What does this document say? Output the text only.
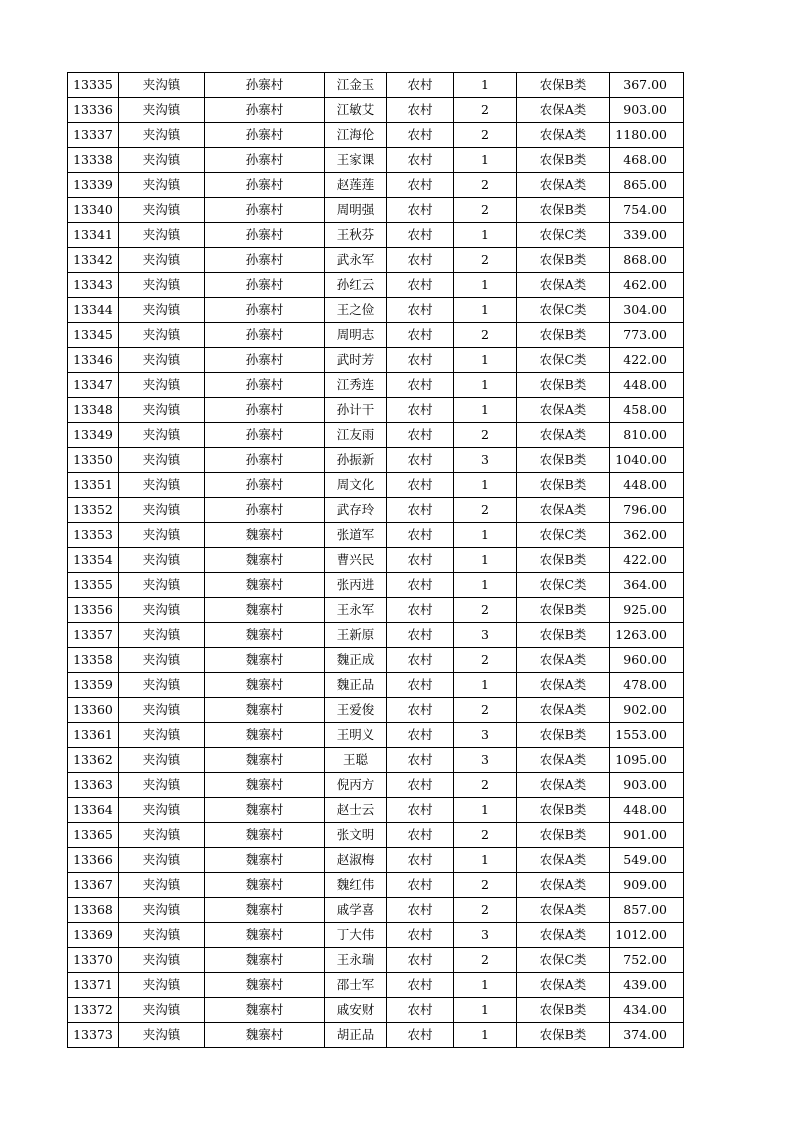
13335	夹沟镇	孙寨村	江金玉	农村	1	农保B类	367.00
13336	夹沟镇	孙寨村	江敏艾	农村	2	农保A类	903.00
13337	夹沟镇	孙寨村	江海伦	农村	2	农保A类	1180.00
13338	夹沟镇	孙寨村	王家课	农村	1	农保B类	468.00
13339	夹沟镇	孙寨村	赵莲莲	农村	2	农保A类	865.00
13340	夹沟镇	孙寨村	周明强	农村	2	农保B类	754.00
13341	夹沟镇	孙寨村	王秋芬	农村	1	农保C类	339.00
13342	夹沟镇	孙寨村	武永军	农村	2	农保B类	868.00
13343	夹沟镇	孙寨村	孙红云	农村	1	农保A类	462.00
13344	夹沟镇	孙寨村	王之俭	农村	1	农保C类	304.00
13345	夹沟镇	孙寨村	周明志	农村	2	农保B类	773.00
13346	夹沟镇	孙寨村	武时芳	农村	1	农保C类	422.00
13347	夹沟镇	孙寨村	江秀连	农村	1	农保B类	448.00
13348	夹沟镇	孙寨村	孙计干	农村	1	农保A类	458.00
13349	夹沟镇	孙寨村	江友雨	农村	2	农保A类	810.00
13350	夹沟镇	孙寨村	孙振新	农村	3	农保B类	1040.00
13351	夹沟镇	孙寨村	周文化	农村	1	农保B类	448.00
13352	夹沟镇	孙寨村	武存玲	农村	2	农保A类	796.00
13353	夹沟镇	魏寨村	张道军	农村	1	农保C类	362.00
13354	夹沟镇	魏寨村	曹兴民	农村	1	农保B类	422.00
13355	夹沟镇	魏寨村	张丙进	农村	1	农保C类	364.00
13356	夹沟镇	魏寨村	王永军	农村	2	农保B类	925.00
13357	夹沟镇	魏寨村	王新原	农村	3	农保B类	1263.00
13358	夹沟镇	魏寨村	魏正成	农村	2	农保A类	960.00
13359	夹沟镇	魏寨村	魏正品	农村	1	农保A类	478.00
13360	夹沟镇	魏寨村	王爱俊	农村	2	农保A类	902.00
13361	夹沟镇	魏寨村	王明义	农村	3	农保B类	1553.00
13362	夹沟镇	魏寨村	王聪	农村	3	农保A类	1095.00
13363	夹沟镇	魏寨村	倪丙方	农村	2	农保A类	903.00
13364	夹沟镇	魏寨村	赵士云	农村	1	农保B类	448.00
13365	夹沟镇	魏寨村	张文明	农村	2	农保B类	901.00
13366	夹沟镇	魏寨村	赵淑梅	农村	1	农保A类	549.00
13367	夹沟镇	魏寨村	魏红伟	农村	2	农保A类	909.00
13368	夹沟镇	魏寨村	戚学喜	农村	2	农保A类	857.00
13369	夹沟镇	魏寨村	丁大伟	农村	3	农保A类	1012.00
13370	夹沟镇	魏寨村	王永瑞	农村	2	农保C类	752.00
13371	夹沟镇	魏寨村	邵士军	农村	1	农保A类	439.00
13372	夹沟镇	魏寨村	戚安财	农村	1	农保B类	434.00
13373	夹沟镇	魏寨村	胡正品	农村	1	农保B类	374.00
